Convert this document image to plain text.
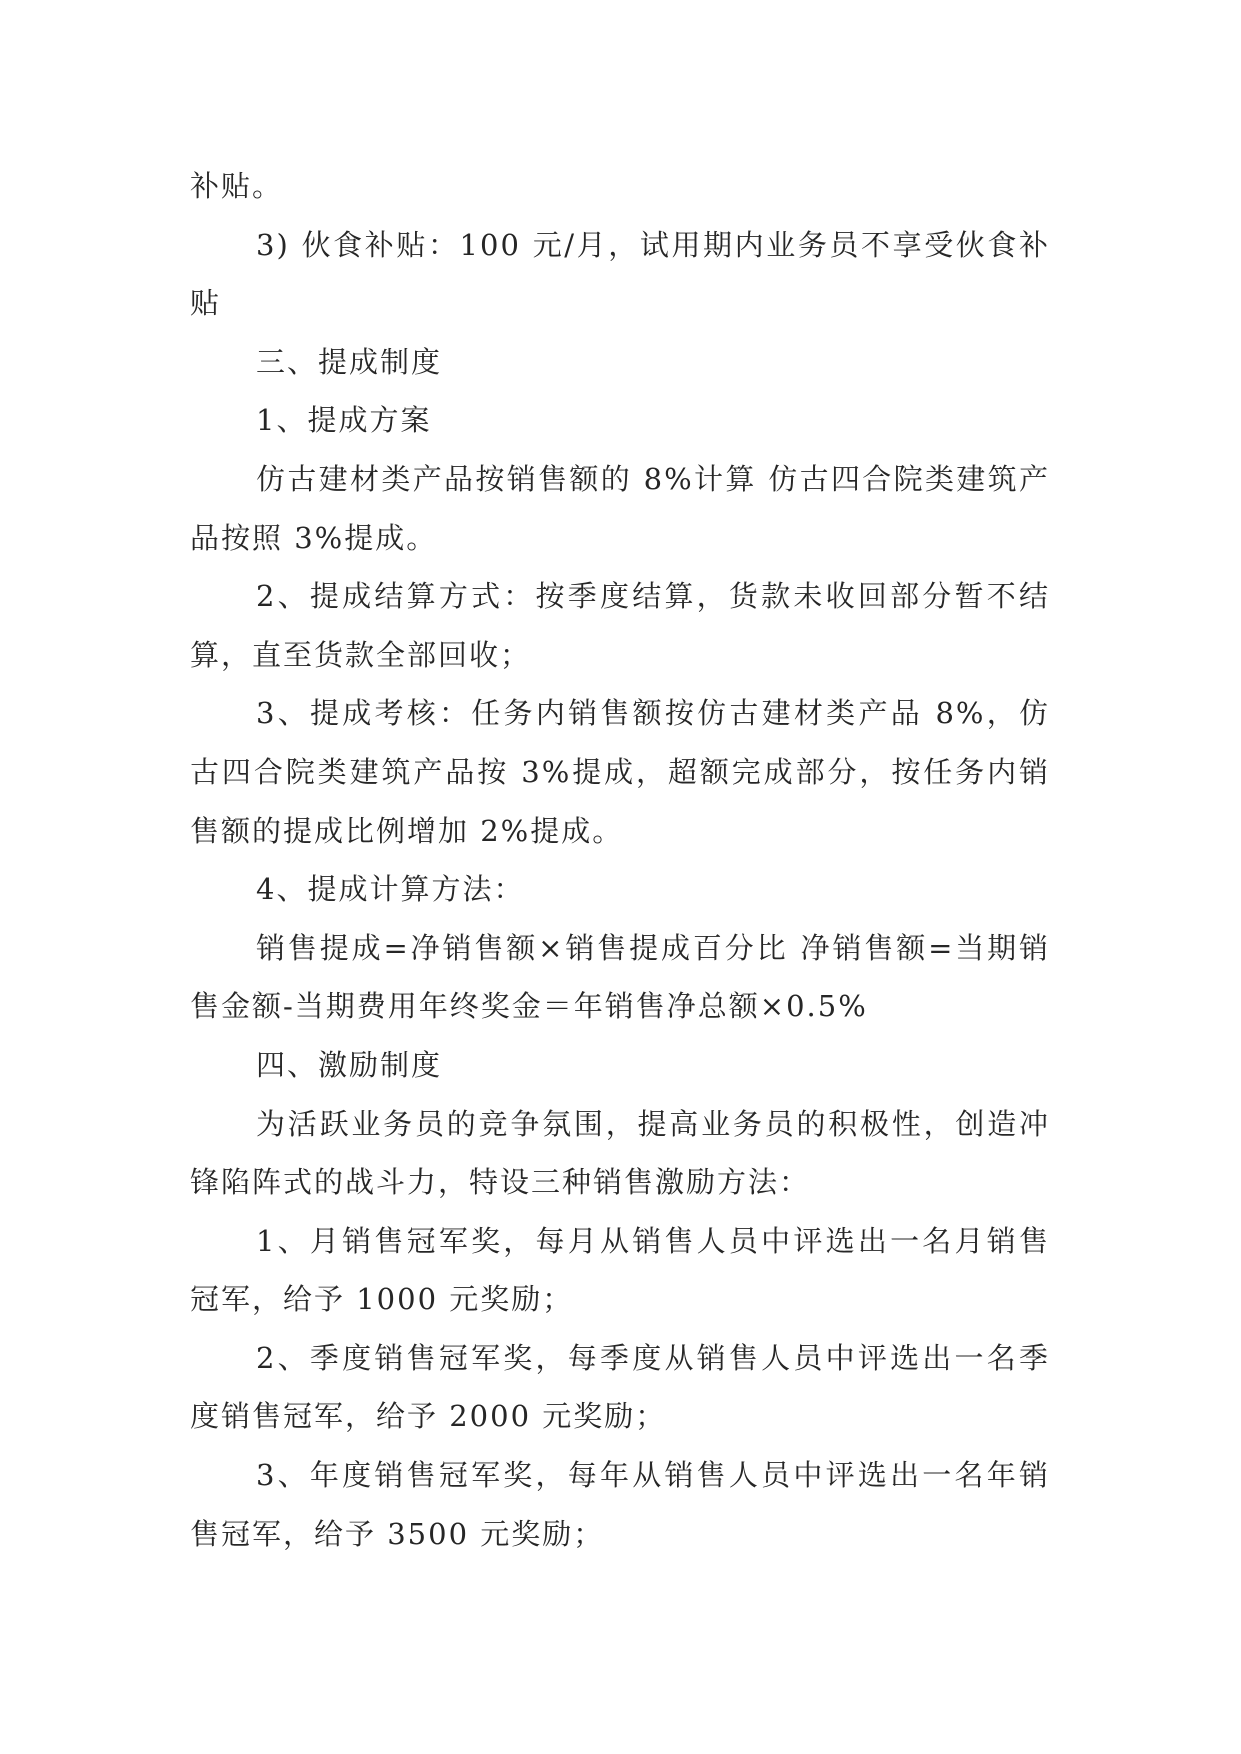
补贴。

3) 伙食补贴：100 元/月，试用期内业务员不享受伙食补贴

三、提成制度

1、提成方案

仿古建材类产品按销售额的 8%计算 仿古四合院类建筑产品按照 3%提成。

2、提成结算方式：按季度结算，货款未收回部分暂不结算，直至货款全部回收；

3、提成考核：任务内销售额按仿古建材类产品 8%，仿古四合院类建筑产品按 3%提成，超额完成部分，按任务内销售额的提成比例增加 2%提成。

4、提成计算方法：

销售提成=净销售额×销售提成百分比 净销售额=当期销售金额-当期费用年终奖金＝年销售净总额×0.5%

四、激励制度

为活跃业务员的竞争氛围，提高业务员的积极性，创造冲锋陷阵式的战斗力，特设三种销售激励方法：

1、月销售冠军奖，每月从销售人员中评选出一名月销售冠军，给予 1000 元奖励；

2、季度销售冠军奖，每季度从销售人员中评选出一名季度销售冠军，给予 2000 元奖励；

3、年度销售冠军奖，每年从销售人员中评选出一名年销售冠军，给予 3500 元奖励；
